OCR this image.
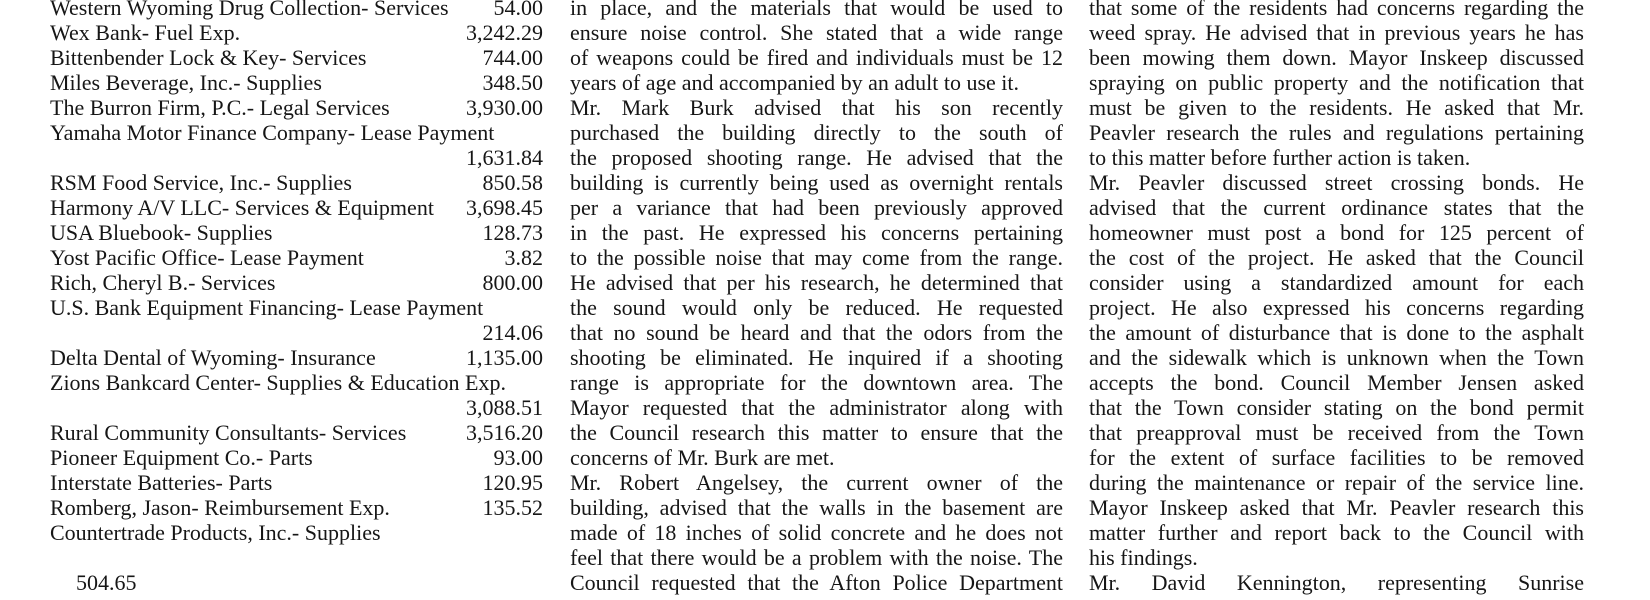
Western Wyoming Drug Collection- Services 54.00
Wex Bank- Fuel Exp.	3,242.29
Bittenbender Lock & Key- Services	744.00
Miles Beverage, Inc.- Supplies	348.50
The Burron Firm, P.C.- Legal Services	3,930.00
Yamaha Motor Finance Company- Lease Payment
1,631.84
RSM Food Service, Inc.- Supplies	850.58
Harmony A/V LLC- Services & Equipment 3,698.45
USA Bluebook- Supplies	128.73
Yost Pacific Office- Lease Payment	3.82
Rich, Cheryl B.- Services	800.00
U.S. Bank Equipment Financing- Lease Payment
214.06
Delta Dental of Wyoming- Insurance	1,135.00
Zions Bankcard Center- Supplies & Education Exp.
3,088.51
Rural Community Consultants- Services	3,516.20
Pioneer Equipment Co.- Parts	93.00
Interstate Batteries- Parts	120.95
Romberg, Jason- Reimbursement Exp.	135.52
Countertrade Products, Inc.- Supplies
504.65
in place, and the materials that would be used to
ensure noise control. She stated that a wide range
of weapons could be fired and individuals must be 12
years of age and accompanied by an adult to use it.
Mr. Mark Burk advised that his son recently
purchased the building directly to the south of
the proposed shooting range. He advised that the
building is currently being used as overnight rentals
per a variance that had been previously approved
in the past. He expressed his concerns pertaining
to the possible noise that may come from the range.
He advised that per his research, he determined that
the sound would only be reduced. He requested
that no sound be heard and that the odors from the
shooting be eliminated. He inquired if a shooting
range is appropriate for the downtown area. The
Mayor requested that the administrator along with
the Council research this matter to ensure that the
concerns of Mr. Burk are met.
Mr. Robert Angelsey, the current owner of the
building, advised that the walls in the basement are
made of 18 inches of solid concrete and he does not
feel that there would be a problem with the noise. The
Council requested that the Afton Police Department
that some of the residents had concerns regarding the
weed spray. He advised that in previous years he has
been mowing them down. Mayor Inskeep discussed
spraying on public property and the notification that
must be given to the residents. He asked that Mr.
Peavler research the rules and regulations pertaining
to this matter before further action is taken.
Mr. Peavler discussed street crossing bonds. He
advised that the current ordinance states that the
homeowner must post a bond for 125 percent of
the cost of the project. He asked that the Council
consider using a standardized amount for each
project. He also expressed his concerns regarding
the amount of disturbance that is done to the asphalt
and the sidewalk which is unknown when the Town
accepts the bond. Council Member Jensen asked
that the Town consider stating on the bond permit
that preapproval must be received from the Town
for the extent of surface facilities to be removed
during the maintenance or repair of the service line.
Mayor Inskeep asked that Mr. Peavler research this
matter further and report back to the Council with
his findings.
Mr. David Kennington, representing Sunrise
